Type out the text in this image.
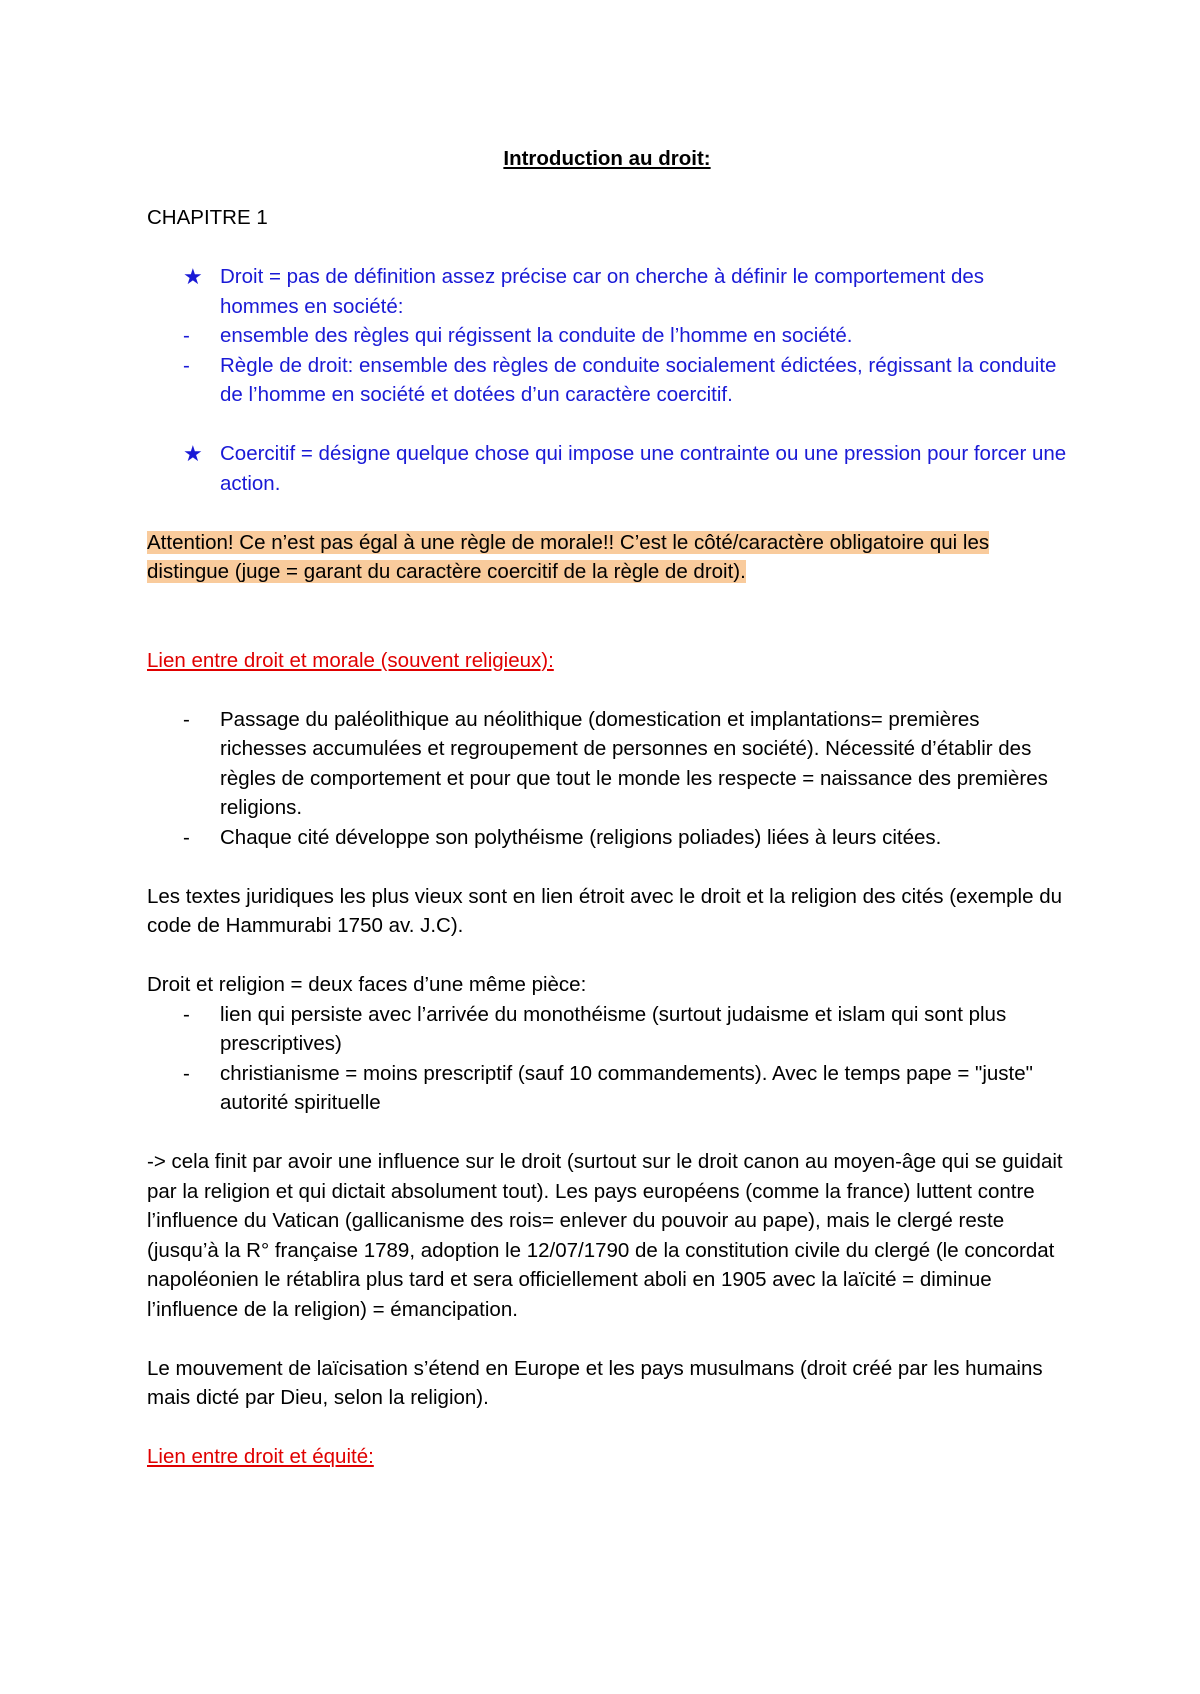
Introduction au droit:

CHAPITRE 1

★ Droit = pas de définition assez précise car on cherche à définir le comportement des hommes en société:
-	ensemble des règles qui régissent la conduite de l’homme en société.
-	Règle de droit: ensemble des règles de conduite socialement édictées, régissant la conduite de l’homme en société et dotées d’un caractère coercitif.
★ Coercitif = désigne quelque chose qui impose une contrainte ou une pression pour forcer une action.

Attention! Ce n’est pas égal à une règle de morale!! C’est le côté/caractère obligatoire qui les distingue (juge = garant du caractère coercitif de la règle de droit).

Lien entre droit et morale (souvent religieux):

-	Passage du paléolithique au néolithique (domestication et implantations= premières richesses accumulées et regroupement de personnes en société). Nécessité d’établir des règles de comportement et pour que tout le monde les respecte = naissance des premières religions.
-	Chaque cité développe son polythéisme (religions poliades) liées à leurs citées.

Les textes juridiques les plus vieux sont en lien étroit avec le droit et la religion des cités (exemple du code de Hammurabi 1750 av. J.C).

Droit et religion = deux faces d’une même pièce:

-	lien qui persiste avec l’arrivée du monothéisme (surtout judaisme et islam qui sont plus prescriptives)
-	christianisme = moins prescriptif (sauf 10 commandements). Avec le temps pape = "juste" autorité spirituelle

-> cela finit par avoir une influence sur le droit (surtout sur le droit canon au moyen-âge qui se guidait par la religion et qui dictait absolument tout). Les pays européens (comme la france) luttent contre l’influence du Vatican (gallicanisme des rois= enlever du pouvoir au pape), mais le clergé reste (jusqu’à la R° française 1789, adoption le 12/07/1790 de la constitution civile du clergé (le concordat napoléonien le rétablira plus tard et sera officiellement aboli en 1905 avec la laïcité = diminue l’influence de la religion) = émancipation.

Le mouvement de laïcisation s’étend en Europe et les pays musulmans (droit créé par les humains mais dicté par Dieu, selon la religion).

Lien entre droit et équité:
